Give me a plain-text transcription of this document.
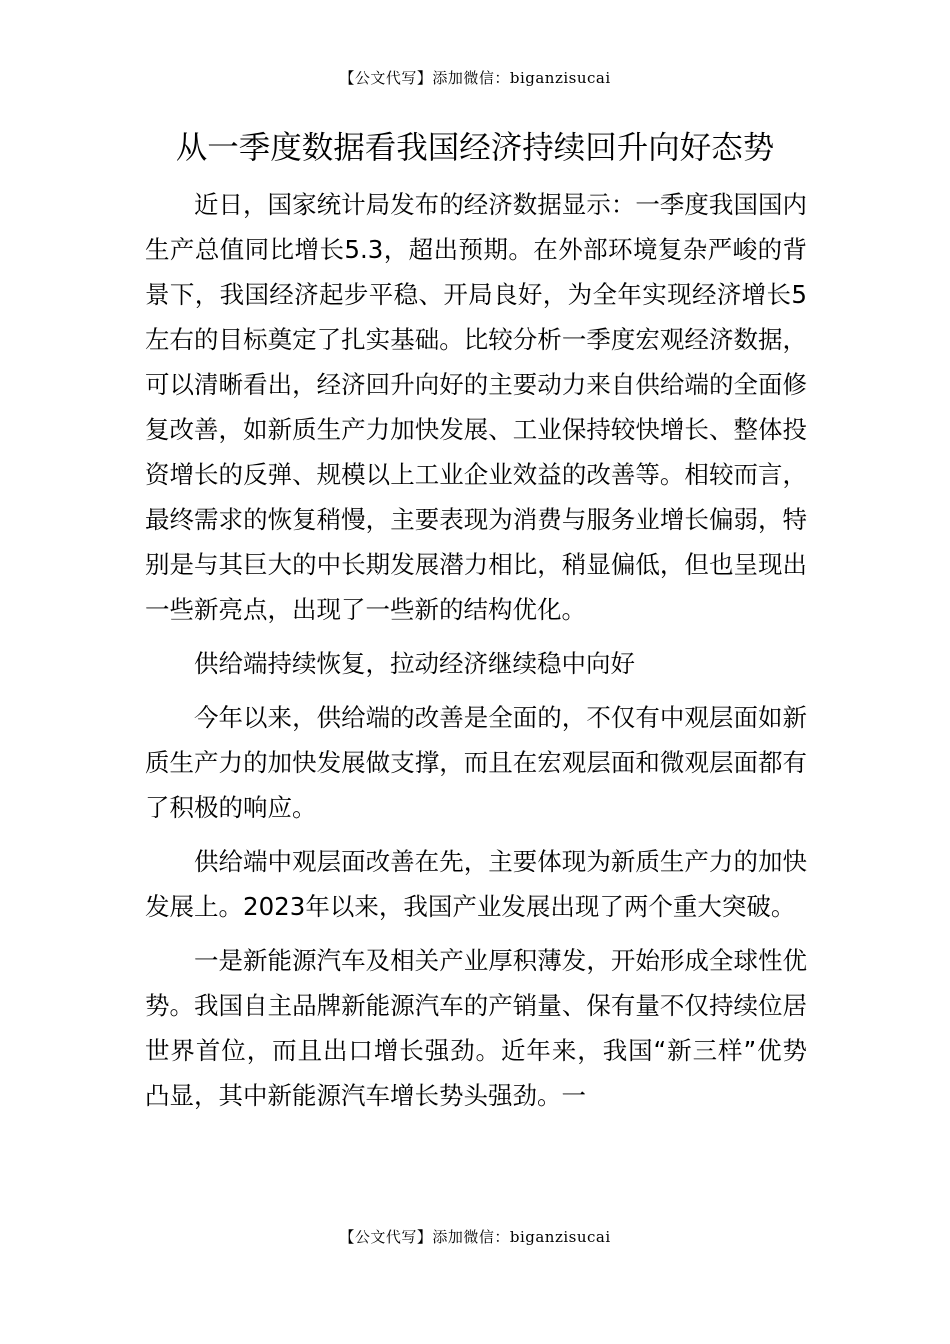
【公文代写】添加微信：biganzisucai
从一季度数据看我国经济持续回升向好态势

近日，国家统计局发布的经济数据显示：一季度我国国内生产总值同比增长5.3，超出预期。在外部环境复杂严峻的背景下，我国经济起步平稳、开局良好，为全年实现经济增长5左右的目标奠定了扎实基础。比较分析一季度宏观经济数据，可以清晰看出，经济回升向好的主要动力来自供给端的全面修复改善，如新质生产力加快发展、工业保持较快增长、整体投资增长的反弹、规模以上工业企业效益的改善等。相较而言，最终需求的恢复稍慢，主要表现为消费与服务业增长偏弱，特别是与其巨大的中长期发展潜力相比，稍显偏低，但也呈现出一些新亮点，出现了一些新的结构优化。

供给端持续恢复，拉动经济继续稳中向好

今年以来，供给端的改善是全面的，不仅有中观层面如新质生产力的加快发展做支撑，而且在宏观层面和微观层面都有了积极的响应。

供给端中观层面改善在先，主要体现为新质生产力的加快发展上。2023年以来，我国产业发展出现了两个重大突破。

一是新能源汽车及相关产业厚积薄发，开始形成全球性优势。我国自主品牌新能源汽车的产销量、保有量不仅持续位居世界首位，而且出口增长强劲。近年来，我国“新三样”优势凸显，其中新能源汽车增长势头强劲。一

【公文代写】添加微信：biganzisucai
